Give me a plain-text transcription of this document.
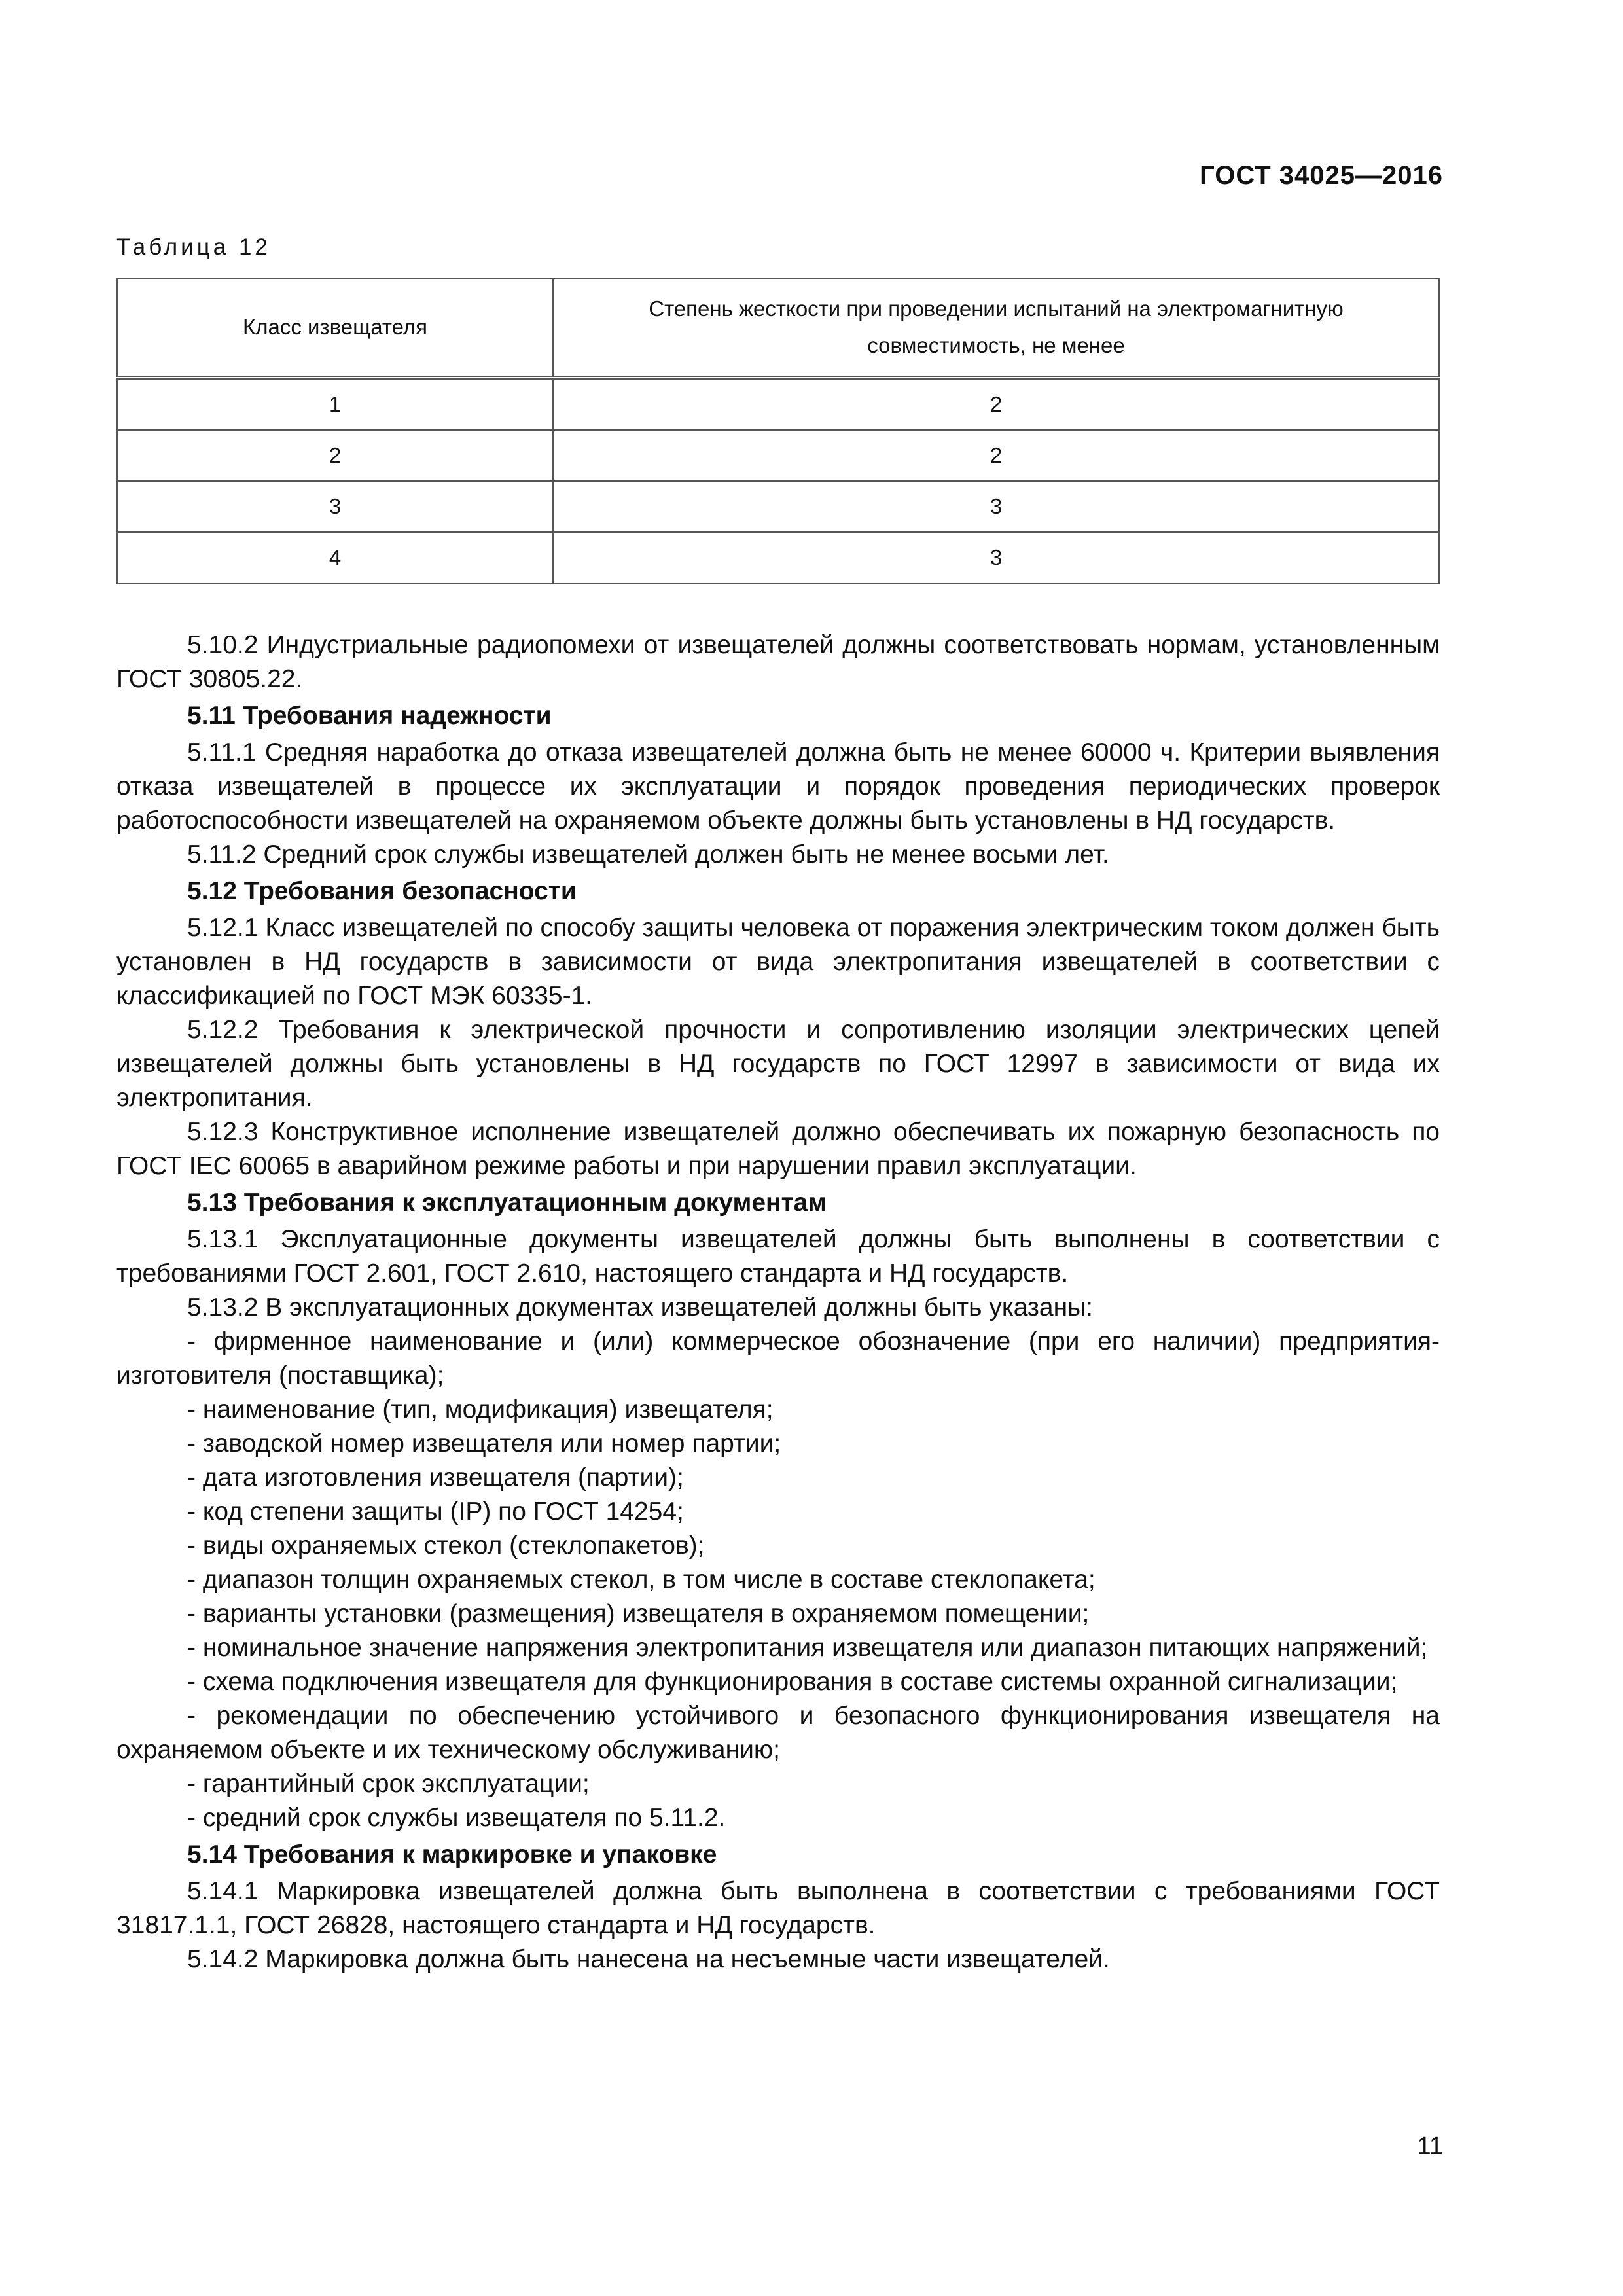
ГОСТ 34025—2016
Таблица 12
Класс извещателя	Степень жесткости при проведении испытаний на электромагнитную совместимость, не менее

1	2
2	2
3	3
4	3

5.10.2 Индустриальные радиопомехи от извещателей должны соответствовать нормам, установленным ГОСТ 30805.22.

5.11 Требования надежности

5.11.1 Средняя наработка до отказа извещателей должна быть не менее 60000 ч. Критерии выявления отказа извещателей в процессе их эксплуатации и порядок проведения периодических проверок работоспособности извещателей на охраняемом объекте должны быть установлены в НД государств.

5.11.2 Средний срок службы извещателей должен быть не менее восьми лет.

5.12 Требования безопасности

5.12.1 Класс извещателей по способу защиты человека от поражения электрическим током должен быть установлен в НД государств в зависимости от вида электропитания извещателей в соответствии с классификацией по ГОСТ МЭК 60335-1.

5.12.2 Требования к электрической прочности и сопротивлению изоляции электрических цепей извещателей должны быть установлены в НД государств по ГОСТ 12997 в зависимости от вида их электропитания.

5.12.3 Конструктивное исполнение извещателей должно обеспечивать их пожарную безопасность по ГОСТ IEC 60065 в аварийном режиме работы и при нарушении правил эксплуатации.

5.13 Требования к эксплуатационным документам

5.13.1 Эксплуатационные документы извещателей должны быть выполнены в соответствии с требованиями ГОСТ 2.601, ГОСТ 2.610, настоящего стандарта и НД государств.

5.13.2 В эксплуатационных документах извещателей должны быть указаны:

- фирменное наименование и (или) коммерческое обозначение (при его наличии) предприятия-изготовителя (поставщика);

- наименование (тип, модификация) извещателя;

- заводской номер извещателя или номер партии;

- дата изготовления извещателя (партии);

- код степени защиты (IP) по ГОСТ 14254;

- виды охраняемых стекол (стеклопакетов);

- диапазон толщин охраняемых стекол, в том числе в составе стеклопакета;

- варианты установки (размещения) извещателя в охраняемом помещении;

- номинальное значение напряжения электропитания извещателя или диапазон питающих напряжений;

- схема подключения извещателя для функционирования в составе системы охранной сигнализации;

- рекомендации по обеспечению устойчивого и безопасного функционирования извещателя на охраняемом объекте и их техническому обслуживанию;

- гарантийный срок эксплуатации;

- средний срок службы извещателя по 5.11.2.

5.14 Требования к маркировке и упаковке

5.14.1 Маркировка извещателей должна быть выполнена в соответствии с требованиями ГОСТ 31817.1.1, ГОСТ 26828, настоящего стандарта и НД государств.

5.14.2 Маркировка должна быть нанесена на несъемные части извещателей.

11
